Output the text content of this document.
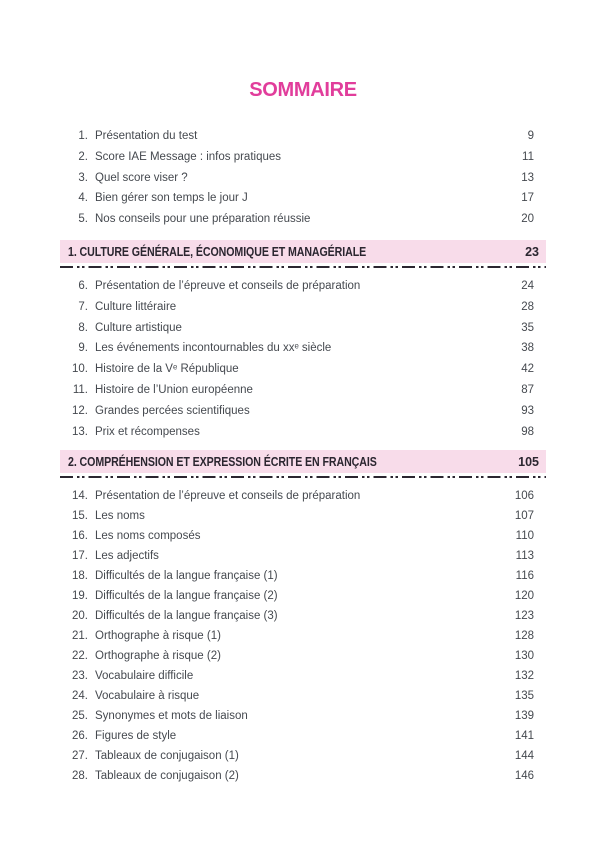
SOMMAIRE
1. Présentation du test	9
2. Score IAE Message : infos pratiques	11
3. Quel score viser ?	13
4. Bien gérer son temps le jour J	17
5. Nos conseils pour une préparation réussie	20
1. CULTURE GÉNÉRALE, ÉCONOMIQUE ET MANAGÉRIALE	23
6. Présentation de l’épreuve et conseils de préparation	24
7. Culture littéraire	28
8. Culture artistique	35
9. Les événements incontournables du xxᵉ siècle	38
10. Histoire de la Vᵉ République	42
11. Histoire de l’Union européenne	87
12. Grandes percées scientifiques	93
13. Prix et récompenses	98
2. COMPRÉHENSION ET EXPRESSION ÉCRITE EN FRANÇAIS	105
14. Présentation de l’épreuve et conseils de préparation	106
15. Les noms	107
16. Les noms composés	110
17. Les adjectifs	113
18. Difficultés de la langue française (1)	116
19. Difficultés de la langue française (2)	120
20. Difficultés de la langue française (3)	123
21. Orthographe à risque (1)	128
22. Orthographe à risque (2)	130
23. Vocabulaire difficile	132
24. Vocabulaire à risque	135
25. Synonymes et mots de liaison	139
26. Figures de style	141
27. Tableaux de conjugaison (1)	144
28. Tableaux de conjugaison (2)	146
